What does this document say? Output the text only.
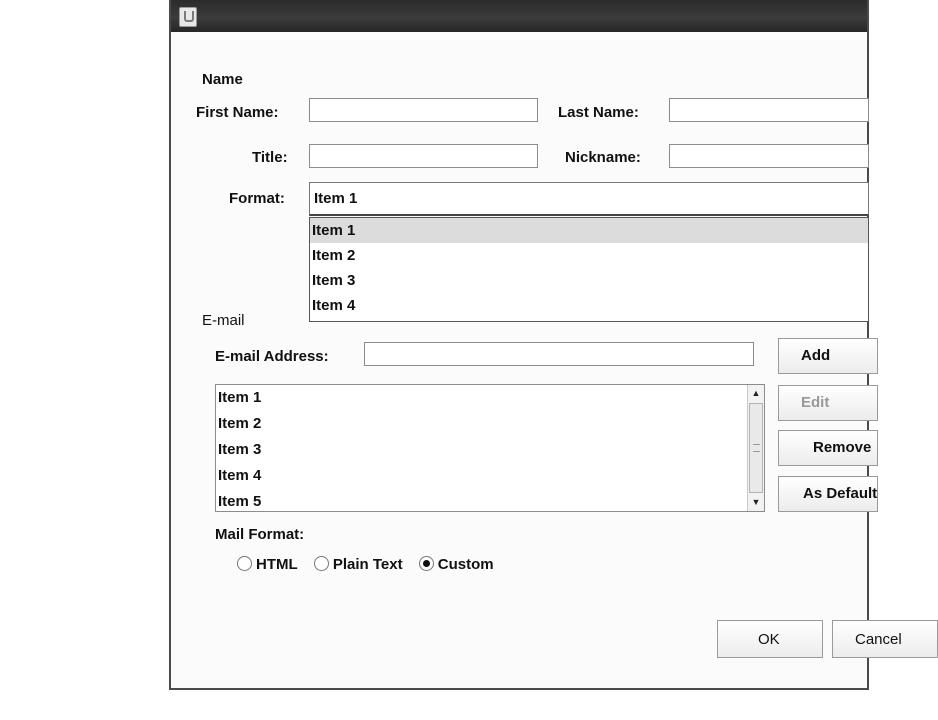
Name
First Name:	Last Name:
Title:	Nickname:
Format:	Item 1
Item 1
Item 2
Item 3
Item 4
E-mail
E-mail Address:	Add
Item 1
Item 2
Item 3
Item 4
Item 5
▲
▼
Edit
Remove
As Default
Mail Format:
HTML Plain Text Custom
OK	Cancel
